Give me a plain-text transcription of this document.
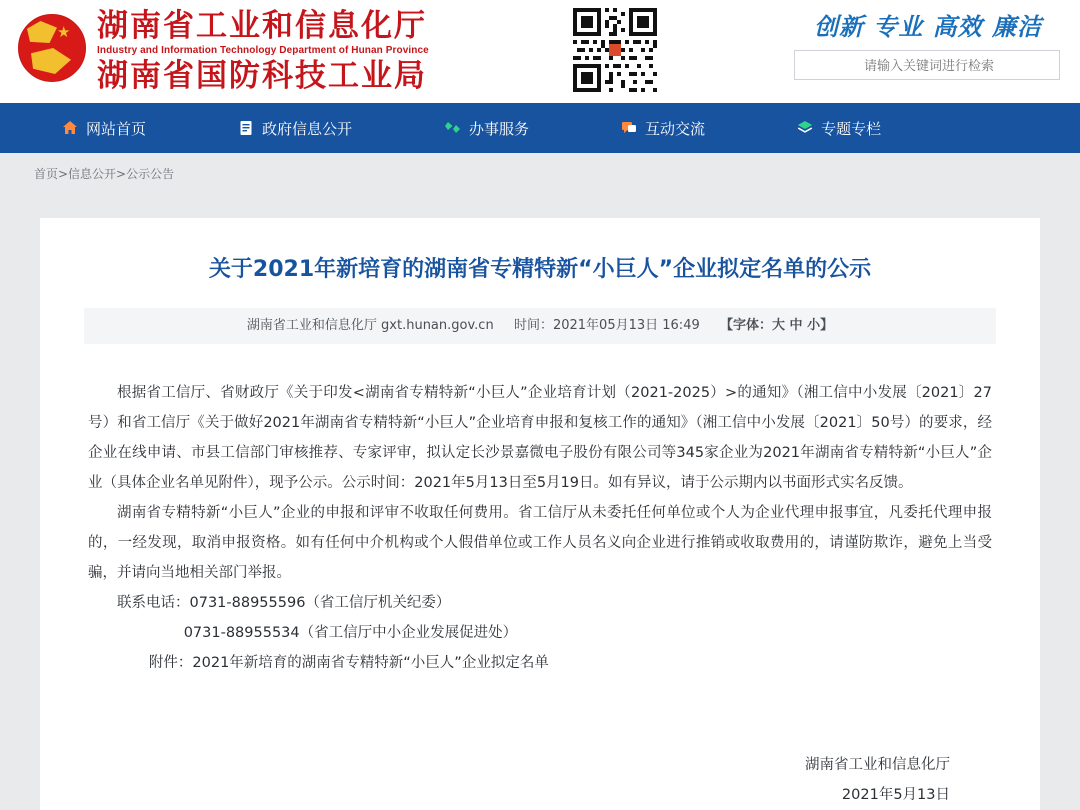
★ 湖南省工业和信息化厅
Industry and Information Technology Department of Hunan Province
湖南省国防科技工业局
创新 专业 高效 廉洁
请输入关键词进行检索
网站首页	政府信息公开	办事服务	互动交流	专题专栏
首页>信息公开>公示公告
关于2021年新培育的湖南省专精特新“小巨人”企业拟定名单的公示
湖南省工业和信息化厅 gxt.hunan.gov.cn 时间：2021年05月13日 16:49 【字体：大 中 小】

根据省工信厅、省财政厅《关于印发<湖南省专精特新“小巨人”企业培育计划（2021-2025）>的通知》（湘工信中小发展〔2021〕27号）和省工信厅《关于做好2021年湖南省专精特新“小巨人”企业培育申报和复核工作的通知》（湘工信中小发展〔2021〕50号）的要求，经企业在线申请、市县工信部门审核推荐、专家评审，拟认定长沙景嘉微电子股份有限公司等345家企业为2021年湖南省专精特新“小巨人”企业（具体企业名单见附件），现予公示。公示时间：2021年5月13日至5月19日。如有异议，请于公示期内以书面形式实名反馈。

湖南省专精特新“小巨人”企业的申报和评审不收取任何费用。省工信厅从未委托任何单位或个人为企业代理申报事宜，凡委托代理申报的，一经发现，取消申报资格。如有任何中介机构或个人假借单位或工作人员名义向企业进行推销或收取费用的，请谨防欺诈，避免上当受骗，并请向当地相关部门举报。

联系电话：0731-88955596（省工信厅机关纪委）

0731-88955534（省工信厅中小企业发展促进处）

附件：2021年新培育的湖南省专精特新“小巨人”企业拟定名单

湖南省工业和信息化厅
2021年5月13日
